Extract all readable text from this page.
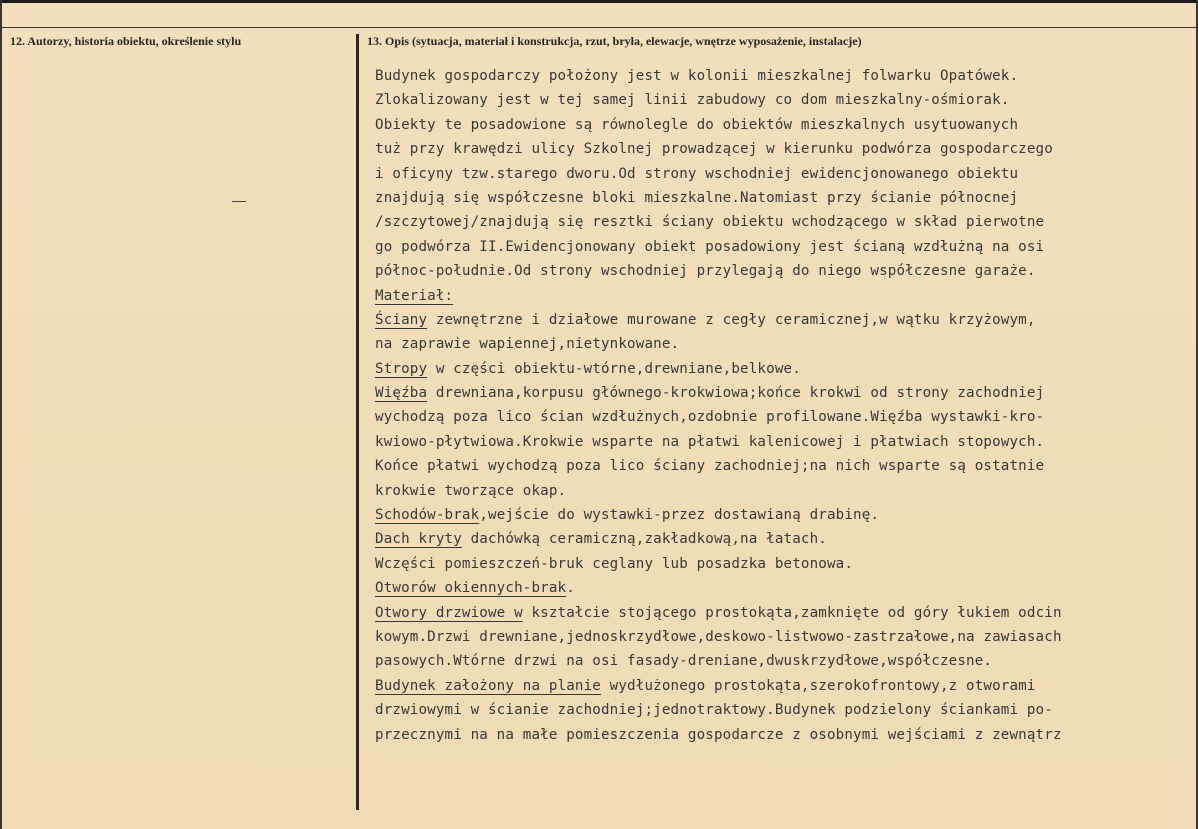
12. Autorzy, historia obiektu, określenie stylu	13. Opis (sytuacja, materiał i konstrukcja, rzut, bryła, elewacje, wnętrze wyposażenie, instalacje)
Budynek gospodarczy położony jest w kolonii mieszkalnej folwarku Opatówek.
Zlokalizowany jest w tej samej linii zabudowy co dom mieszkalny-ośmiorak.
Obiekty te posadowione są równolegle do obiektów mieszkalnych usytuowanych
tuż przy krawędzi ulicy Szkolnej prowadzącej w kierunku podwórza gospodarczego
i oficyny tzw.starego dworu.Od strony wschodniej ewidencjonowanego obiektu
znajdują się współczesne bloki mieszkalne.Natomiast przy ścianie północnej
/szczytowej/znajdują się resztki ściany obiektu wchodzącego w skład pierwotne
go podwórza II.Ewidencjonowany obiekt posadowiony jest ścianą wzdłużną na osi
północ-południe.Od strony wschodniej przylegają do niego współczesne garaże.
Materiał:
Ściany zewnętrzne i działowe murowane z cegły ceramicznej,w wątku krzyżowym,
na zaprawie wapiennej,nietynkowane.
Stropy w części obiektu-wtórne,drewniane,belkowe.
Więźba drewniana,korpusu głównego-krokwiowa;końce krokwi od strony zachodniej
wychodzą poza lico ścian wzdłużnych,ozdobnie profilowane.Więźba wystawki-kro-
kwiowo-płytwiowa.Krokwie wsparte na płatwi kalenicowej i płatwiach stopowych.
Końce płatwi wychodzą poza lico ściany zachodniej;na nich wsparte są ostatnie
krokwie tworzące okap.
Schodów-brak,wejście do wystawki-przez dostawianą drabinę.
Dach kryty dachówką ceramiczną,zakładkową,na łatach.
Wczęści pomieszczeń-bruk ceglany lub posadzka betonowa.
Otworów okiennych-brak.
Otwory drzwiowe w kształcie stojącego prostokąta,zamknięte od góry łukiem odcin
kowym.Drzwi drewniane,jednoskrzydłowe,deskowo-listwowo-zastrzałowe,na zawiasach
pasowych.Wtórne drzwi na osi fasady-dreniane,dwuskrzydłowe,współczesne.
Budynek założony na planie wydłużonego prostokąta,szerokofrontowy,z otworami
drzwiowymi w ścianie zachodniej;jednotraktowy.Budynek podzielony ściankami po-
przecznymi na na małe pomieszczenia gospodarcze z osobnymi wejściami z zewnątrz
